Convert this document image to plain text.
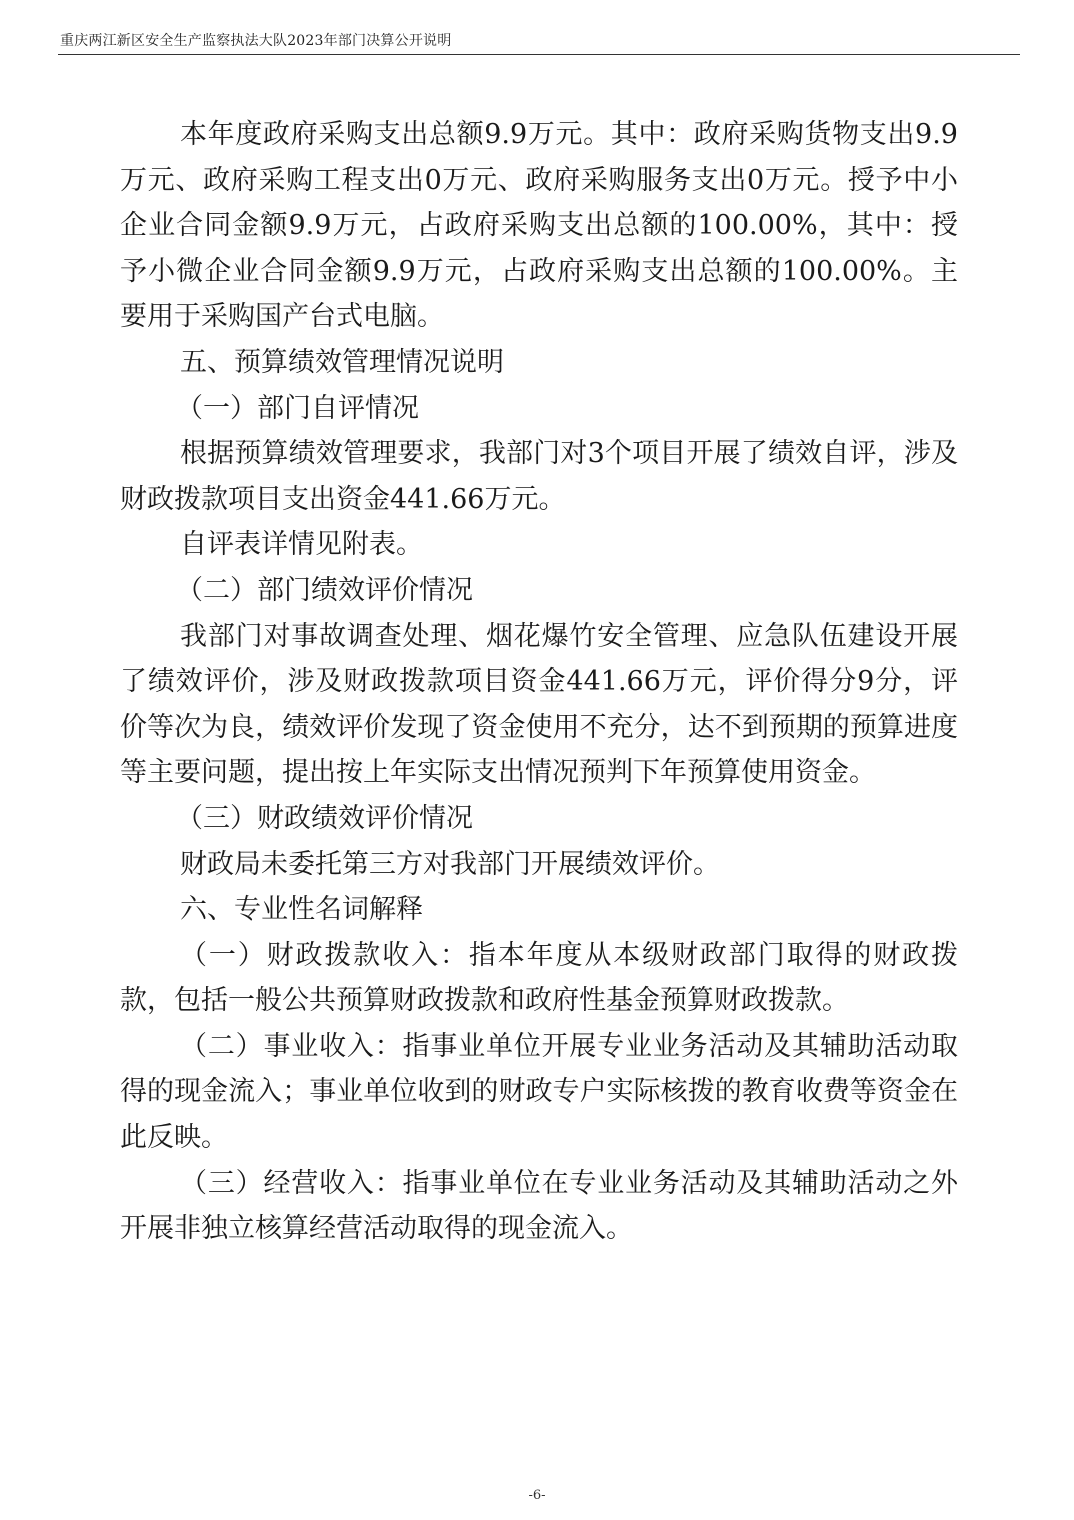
重庆两江新区安全生产监察执法大队2023年部门决算公开说明

本年度政府采购支出总额9.9万元。其中：政府采购货物支出9.9万元、政府采购工程支出0万元、政府采购服务支出0万元。授予中小企业合同金额9.9万元，占政府采购支出总额的100.00%，其中：授予小微企业合同金额9.9万元，占政府采购支出总额的100.00%。主要用于采购国产台式电脑。

五、预算绩效管理情况说明

（一）部门自评情况

根据预算绩效管理要求，我部门对3个项目开展了绩效自评，涉及财政拨款项目支出资金441.66万元。

自评表详情见附表。

（二）部门绩效评价情况

我部门对事故调查处理、烟花爆竹安全管理、应急队伍建设开展了绩效评价，涉及财政拨款项目资金441.66万元，评价得分9分，评价等次为良，绩效评价发现了资金使用不充分，达不到预期的预算进度等主要问题，提出按上年实际支出情况预判下年预算使用资金。

（三）财政绩效评价情况

财政局未委托第三方对我部门开展绩效评价。

六、专业性名词解释

（一）财政拨款收入：指本年度从本级财政部门取得的财政拨款，包括一般公共预算财政拨款和政府性基金预算财政拨款。

（二）事业收入：指事业单位开展专业业务活动及其辅助活动取得的现金流入；事业单位收到的财政专户实际核拨的教育收费等资金在此反映。

（三）经营收入：指事业单位在专业业务活动及其辅助活动之外开展非独立核算经营活动取得的现金流入。

-6-
